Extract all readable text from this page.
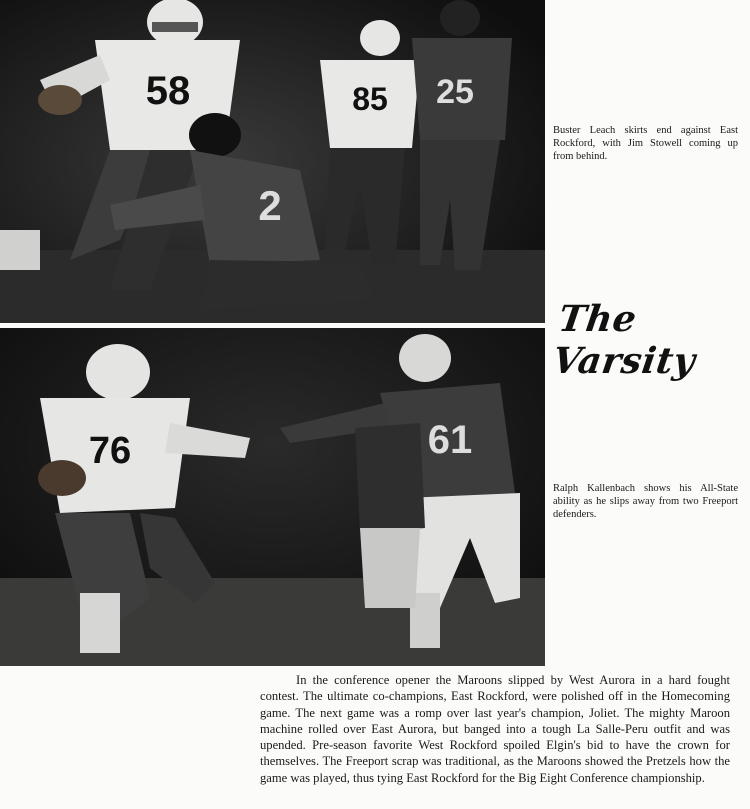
58	85 25
2
76	61
Buster Leach skirts end against East Rockford, with Jim Stowell coming up from behind.
The Varsity
Ralph Kallenbach shows his All-State ability as he slips away from two Freeport defenders.

In the conference opener the Maroons slipped by West Aurora in a hard fought contest. The ultimate co-champions, East Rockford, were polished off in the Homecoming game. The next game was a romp over last year's champion, Joliet. The mighty Maroon machine rolled over East Aurora, but banged into a tough La Salle-Peru outfit and was upended. Pre-season favorite West Rockford spoiled Elgin's bid to have the crown for themselves. The Freeport scrap was traditional, as the Maroons showed the Pretzels how the game was played, thus tying East Rockford for the Big Eight Conference championship.
